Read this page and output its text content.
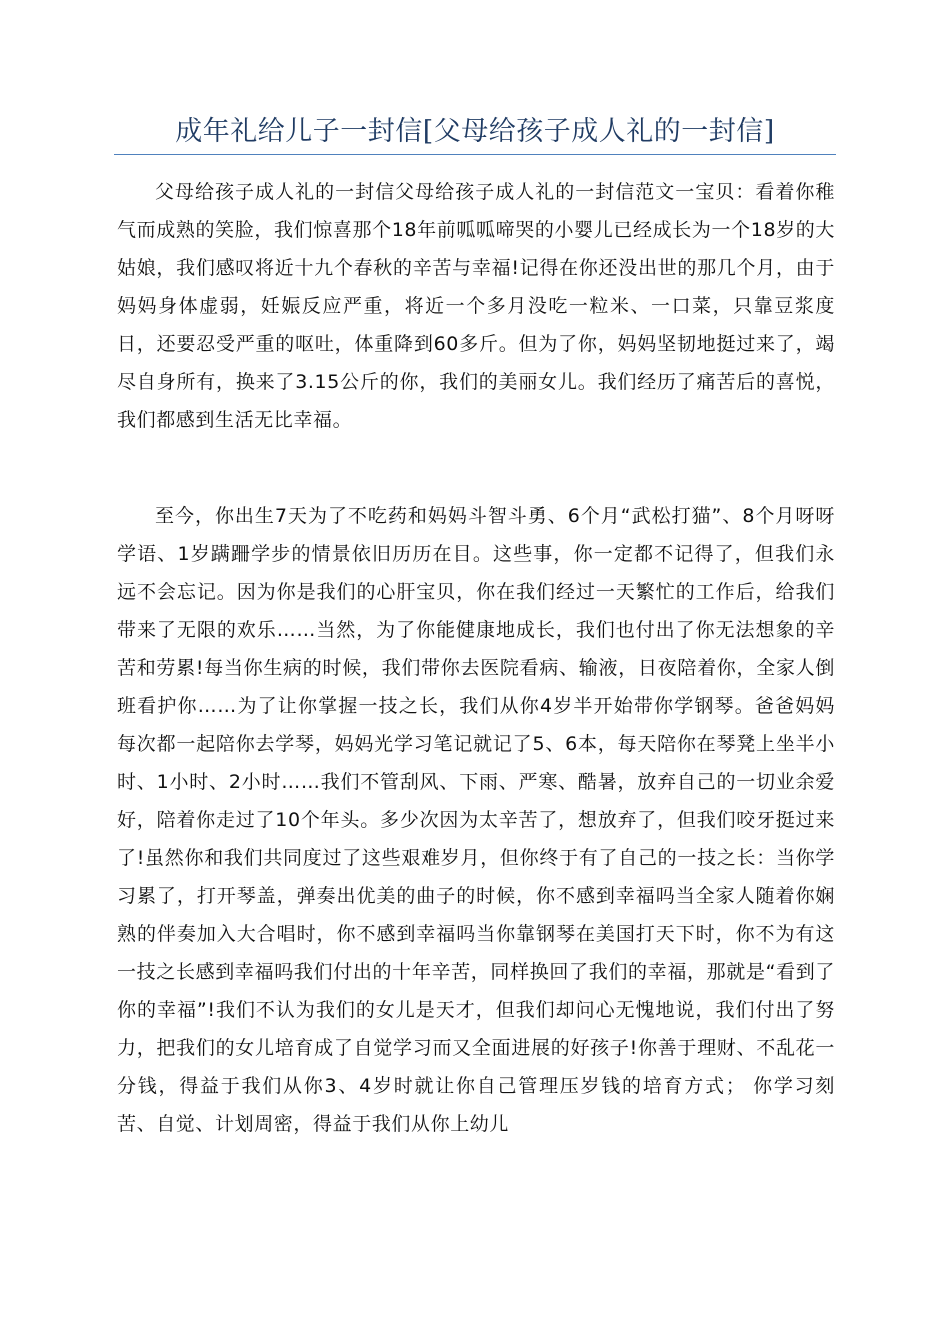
成年礼给儿子一封信[父母给孩子成人礼的一封信]

父母给孩子成人礼的一封信父母给孩子成人礼的一封信范文一宝贝：看着你稚气而成熟的笑脸，我们惊喜那个18年前呱呱啼哭的小婴儿已经成长为一个18岁的大姑娘，我们感叹将近十九个春秋的辛苦与幸福!记得在你还没出世的那几个月，由于妈妈身体虚弱，妊娠反应严重，将近一个多月没吃一粒米、一口菜，只靠豆浆度日，还要忍受严重的呕吐，体重降到60多斤。但为了你，妈妈坚韧地挺过来了，竭尽自身所有，换来了3.15公斤的你，我们的美丽女儿。我们经历了痛苦后的喜悦，我们都感到生活无比幸福。

至今，你出生7天为了不吃药和妈妈斗智斗勇、6个月“武松打猫”、8个月呀呀学语、1岁蹒跚学步的情景依旧历历在目。这些事，你一定都不记得了，但我们永远不会忘记。因为你是我们的心肝宝贝，你在我们经过一天繁忙的工作后，给我们带来了无限的欢乐……当然，为了你能健康地成长，我们也付出了你无法想象的辛苦和劳累!每当你生病的时候，我们带你去医院看病、输液，日夜陪着你，全家人倒班看护你……为了让你掌握一技之长，我们从你4岁半开始带你学钢琴。爸爸妈妈每次都一起陪你去学琴，妈妈光学习笔记就记了5、6本，每天陪你在琴凳上坐半小时、1小时、2小时……我们不管刮风、下雨、严寒、酷暑，放弃自己的一切业余爱好，陪着你走过了10个年头。多少次因为太辛苦了，想放弃了，但我们咬牙挺过来了!虽然你和我们共同度过了这些艰难岁月，但你终于有了自己的一技之长：当你学习累了，打开琴盖，弹奏出优美的曲子的时候，你不感到幸福吗当全家人随着你娴熟的伴奏加入大合唱时，你不感到幸福吗当你靠钢琴在美国打天下时，你不为有这一技之长感到幸福吗我们付出的十年辛苦，同样换回了我们的幸福，那就是“看到了你的幸福”!我们不认为我们的女儿是天才，但我们却问心无愧地说，我们付出了努力，把我们的女儿培育成了自觉学习而又全面进展的好孩子!你善于理财、不乱花一分钱，得益于我们从你3、4岁时就让你自己管理压岁钱的培育方式； 你学习刻苦、自觉、计划周密，得益于我们从你上幼儿
